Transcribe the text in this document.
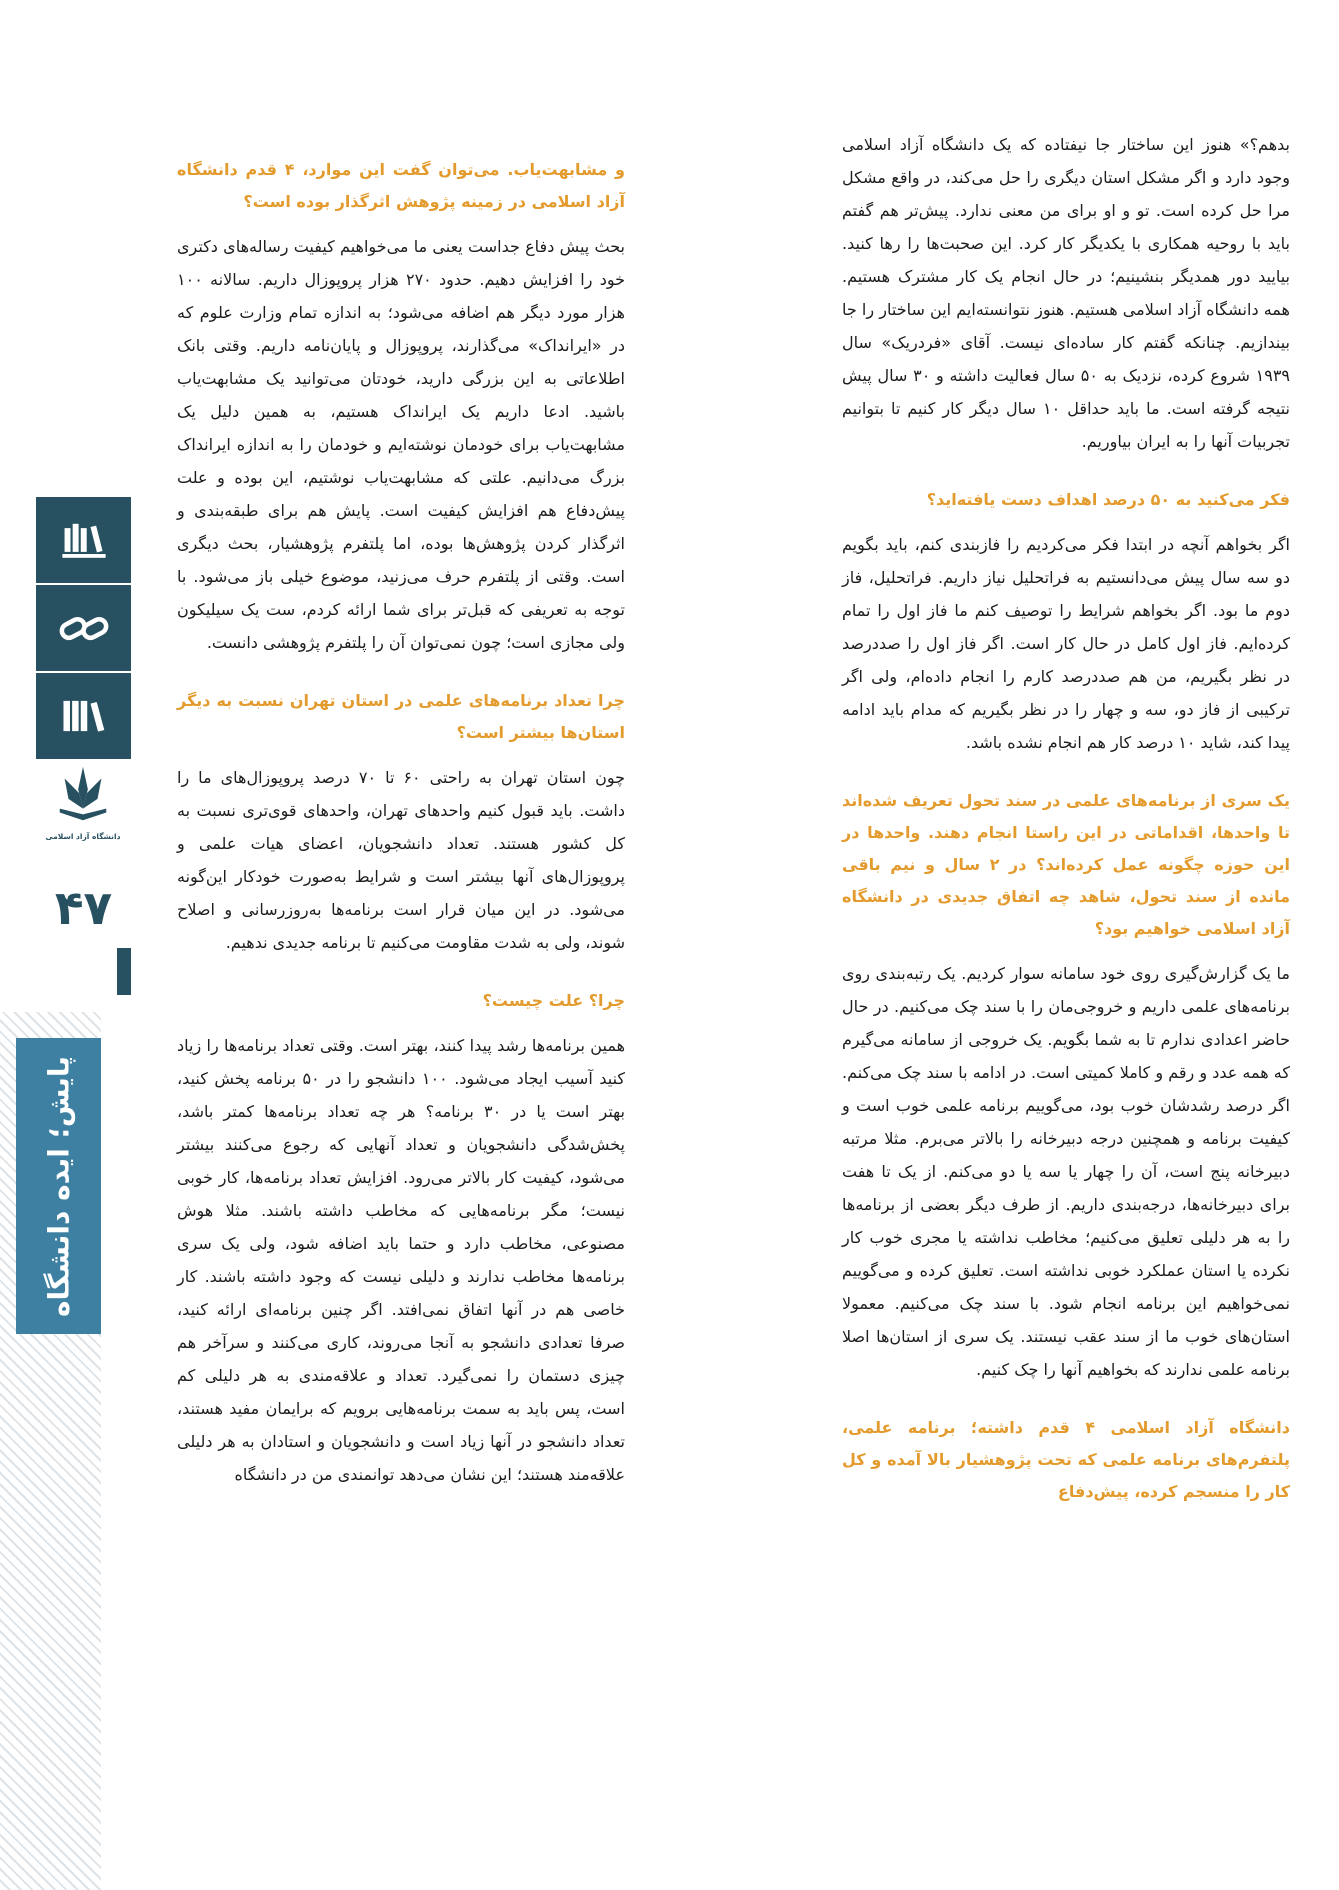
دانشگاه آزاد اسلامی
۴۷
پایش؛ ایده دانشگاه

بدهم؟» هنوز این ساختار جا نیفتاده که یک دانشگاه آزاد اسلامی وجود دارد و اگر مشکل استان دیگری را حل می‌کند، در واقع مشکل مرا حل کرده است. تو و او برای من معنی ندارد. پیش‌تر هم گفتم باید با روحیه همکاری با یکدیگر کار کرد. این صحبت‌ها را رها کنید. بیایید دور همدیگر بنشینیم؛ در حال انجام یک کار مشترک هستیم. همه دانشگاه آزاد اسلامی هستیم. هنوز نتوانسته‌ایم این ساختار را جا بیندازیم. چنانکه گفتم کار ساده‌ای نیست. آقای «فردریک» سال ۱۹۳۹ شروع کرده، نزدیک به ۵۰ سال فعالیت داشته و ۳۰ سال پیش نتیجه گرفته است. ما باید حداقل ۱۰ سال دیگر کار کنیم تا بتوانیم تجربیات آنها را به ایران بیاوریم.

فکر می‌کنید به ۵۰ درصد اهداف دست یافته‌اید؟

اگر بخواهم آنچه در ابتدا فکر می‌کردیم را فازبندی کنم، باید بگویم دو سه سال پیش می‌دانستیم به فراتحلیل نیاز داریم. فراتحلیل، فاز دوم ما بود. اگر بخواهم شرایط را توصیف کنم ما فاز اول را تمام کرده‌ایم. فاز اول کامل در حال کار است. اگر فاز اول را صددرصد در نظر بگیریم، من هم صددرصد کارم را انجام داده‌ام، ولی اگر ترکیبی از فاز دو، سه و چهار را در نظر بگیریم که مدام باید ادامه پیدا کند، شاید ۱۰ درصد کار هم انجام نشده باشد.

یک سری از برنامه‌های علمی در سند تحول تعریف شده‌اند تا واحدها، اقداماتی در این راستا انجام دهند. واحدها در این حوزه چگونه عمل کرده‌اند؟ در ۲ سال و نیم باقی مانده از سند تحول، شاهد چه اتفاق جدیدی در دانشگاه آزاد اسلامی خواهیم بود؟

ما یک گزارش‌گیری روی خود سامانه سوار کردیم. یک رتبه‌بندی روی برنامه‌های علمی داریم و خروجی‌مان را با سند چک می‌کنیم. در حال حاضر اعدادی ندارم تا به شما بگویم. یک خروجی از سامانه می‌گیرم که همه عدد و رقم و کاملا کمیتی است. در ادامه با سند چک می‌کنم. اگر درصد رشدشان خوب بود، می‌گوییم برنامه علمی خوب است و کیفیت برنامه و همچنین درجه دبیرخانه را بالاتر می‌برم. مثلا مرتبه دبیرخانه پنج است، آن را چهار یا سه یا دو می‌کنم. از یک تا هفت برای دبیرخانه‌ها، درجه‌بندی داریم. از طرف دیگر بعضی از برنامه‌ها را به هر دلیلی تعلیق می‌کنیم؛ مخاطب نداشته یا مجری خوب کار نکرده یا استان عملکرد خوبی نداشته است. تعلیق کرده و می‌گوییم نمی‌خواهیم این برنامه انجام شود. با سند چک می‌کنیم. معمولا استان‌های خوب ما از سند عقب نیستند. یک سری از استان‌ها اصلا برنامه علمی ندارند که بخواهیم آنها را چک کنیم.

دانشگاه آزاد اسلامی ۴ قدم داشته؛ برنامه علمی، پلتفرم‌های برنامه علمی که تحت پژوهشیار بالا آمده و کل کار را منسجم کرده، پیش‌دفاع
و مشابهت‌یاب. می‌توان گفت این موارد، ۴ قدم دانشگاه آزاد اسلامی در زمینه پژوهش اثرگذار بوده است؟

بحث پیش دفاع جداست یعنی ما می‌خواهیم کیفیت رساله‌های دکتری خود را افزایش دهیم. حدود ۲۷۰ هزار پروپوزال داریم. سالانه ۱۰۰ هزار مورد دیگر هم اضافه می‌شود؛ به اندازه تمام وزارت علوم که در «ایرانداک» می‌گذارند، پروپوزال و پایان‌نامه داریم. وقتی بانک اطلاعاتی به این بزرگی دارید، خودتان می‌توانید یک مشابهت‌یاب باشید. ادعا داریم یک ایرانداک هستیم، به همین دلیل یک مشابهت‌یاب برای خودمان نوشته‌ایم و خودمان را به اندازه ایرانداک بزرگ می‌دانیم. علتی که مشابهت‌یاب نوشتیم، این بوده و علت پیش‌دفاع هم افزایش کیفیت است. پایش هم برای طبقه‌بندی و اثرگذار کردن پژوهش‌ها بوده، اما پلتفرم پژوهشیار، بحث دیگری است. وقتی از پلتفرم حرف می‌زنید، موضوع خیلی باز می‌شود. با توجه به تعریفی که قبل‌تر برای شما ارائه کردم، ست یک سیلیکون ولی مجازی است؛ چون نمی‌توان آن را پلتفرم پژوهشی دانست.

چرا تعداد برنامه‌های علمی در استان تهران نسبت به دیگر استان‌ها بیشتر است؟

چون استان تهران به راحتی ۶۰ تا ۷۰ درصد پروپوزال‌های ما را داشت. باید قبول کنیم واحدهای تهران، واحدهای قوی‌تری نسبت به کل کشور هستند. تعداد دانشجویان، اعضای هیات علمی و پروپوزال‌های آنها بیشتر است و شرایط به‌صورت خودکار این‌گونه می‌شود. در این میان قرار است برنامه‌ها به‌روزرسانی و اصلاح شوند، ولی به شدت مقاومت می‌کنیم تا برنامه جدیدی ندهیم.

چرا؟ علت چیست؟

همین برنامه‌ها رشد پیدا کنند، بهتر است. وقتی تعداد برنامه‌ها را زیاد کنید آسیب ایجاد می‌شود. ۱۰۰ دانشجو را در ۵۰ برنامه پخش کنید، بهتر است یا در ۳۰ برنامه؟ هر چه تعداد برنامه‌ها کمتر باشد، پخش‌شدگی دانشجویان و تعداد آنهایی که رجوع می‌کنند بیشتر می‌شود، کیفیت کار بالاتر می‌رود. افزایش تعداد برنامه‌ها، کار خوبی نیست؛ مگر برنامه‌هایی که مخاطب داشته باشند. مثلا هوش مصنوعی، مخاطب دارد و حتما باید اضافه شود، ولی یک سری برنامه‌ها مخاطب ندارند و دلیلی نیست که وجود داشته باشند. کار خاصی هم در آنها اتفاق نمی‌افتد. اگر چنین برنامه‌ای ارائه کنید، صرفا تعدادی دانشجو به آنجا می‌روند، کاری می‌کنند و سرآخر هم چیزی دستمان را نمی‌گیرد. تعداد و علاقه‌مندی به هر دلیلی کم است، پس باید به سمت برنامه‌هایی برویم که برایمان مفید هستند، تعداد دانشجو در آنها زیاد است و دانشجویان و استادان به هر دلیلی علاقه‌مند هستند؛ این نشان می‌دهد توانمندی من در دانشگاه
